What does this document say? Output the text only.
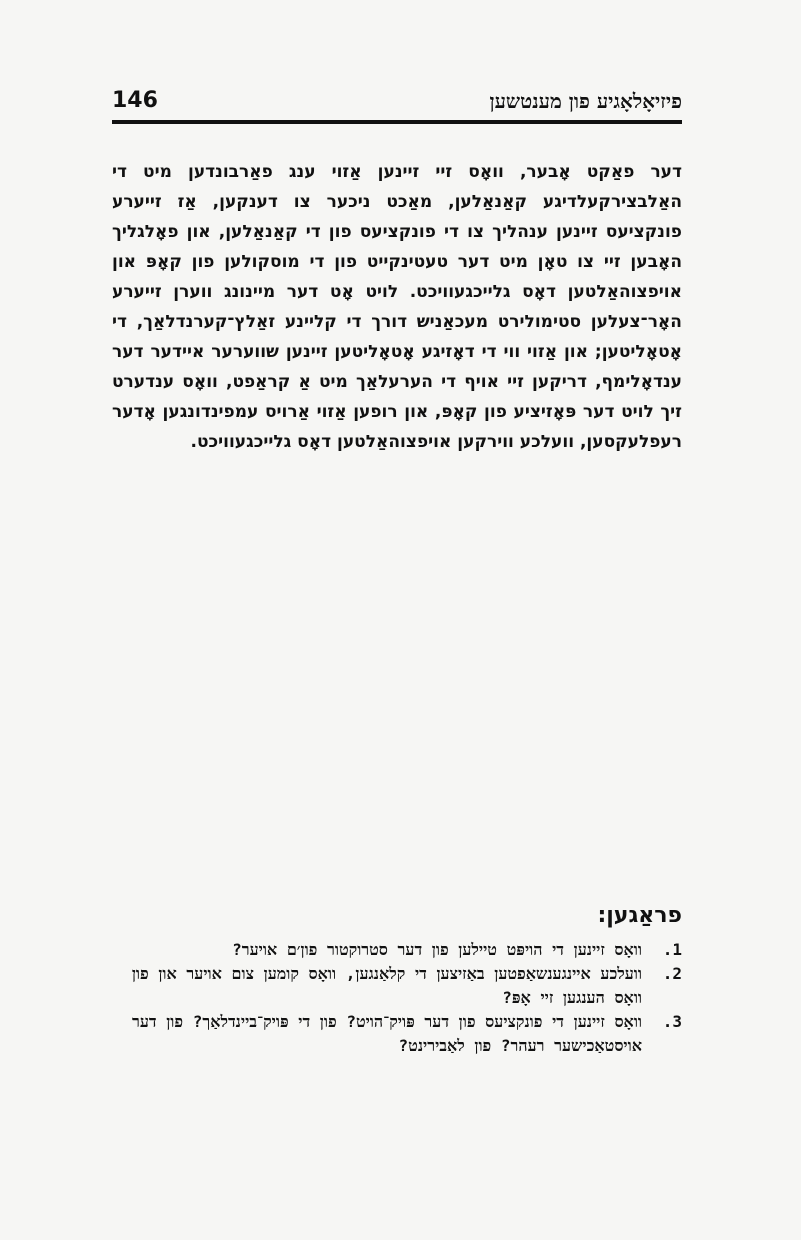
146	פיזיאָלאָגיע פון מענטשען

דער פאַקט אָבער, וואָס זיי זיינען אַזוי ענג פאַרבונדען מיט די האַלבצירקעלדיגע קאַנאַלען, מאַכט ניכער צו דענקען, אַז זייערע פונקציעס זיינען ענהליך צו די פונקציעס פון די קאַנאַלען, און פאָלגליך האָבען זיי צו טאָן מיט דער טעטינקייט פון די מוסקולען פון קאָפּ און אויפצוהאַלטען דאָס גלייכגעוויכט. לויט אָט דער מיינונג ווערן זייערע האָר־צעלען סטימולירט מעכאַניש דורך די קליינע זאַלץ־קערנדלאַך, די אָטאָליטען; און אַזוי ווי די דאָזיגע אָטאָליטען זיינען שווערער איידער דער ענדאָלימף, דריקען זיי אויף די הערעלאַך מיט אַ קראַפט, וואָס ענדערט זיך לויט דער פּאָזיציע פון קאָפּ, און רופען אַזוי אַרויס עמפינדונגען אָדער רעפלעקסען, וועלכע ווירקען אויפצוהאַלטען דאָס גלייכגעוויכט.

פראַגען:
1.
וואָס זיינען די הויפּט טיילען פון דער סטרוקטור פון׳ם אויער?
2.
וועלכע איינגענשאַפטען באַזיצען די קלאַנגען, וואָס קומען צום אויער און פון וואָס הענגען זיי אָפּ?
3.
וואָס זיינען די פונקציעס פון דער פּויק־הויט? פון די פּויק־ביינדלאַך? פון דער אויסטאַכישער רעהר? פון לאַבירינט?
